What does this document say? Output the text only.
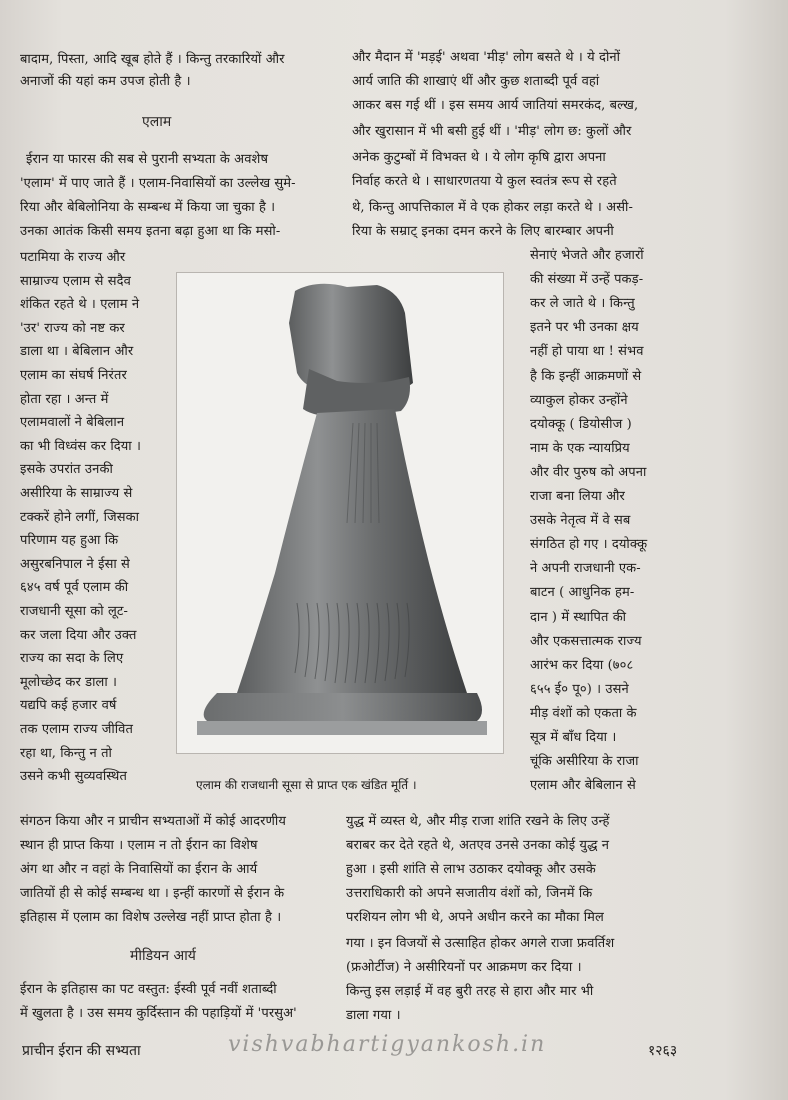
बादाम, पिस्ता, आदि खूब होते हैं । किन्तु तरकारियों और
अनाजों की यहां कम उपज होती है ।
एलाम
ईरान या फारस की सब से पुरानी सभ्यता के अवशेष
'एलाम' में पाए जाते हैं । एलाम-निवासियों का उल्लेख सुमे-
रिया और बेबिलोनिया के सम्बन्ध में किया जा चुका है ।
उनका आतंक किसी समय इतना बढ़ा हुआ था कि मसो-
पटामिया के राज्य और
साम्राज्य एलाम से सदैव
शंकित रहते थे । एलाम ने
'उर' राज्य को नष्ट कर
डाला था । बेबिलान और
एलाम का संघर्ष निरंतर
होता रहा । अन्त में
एलामवालों ने बेबिलान
का भी विध्वंस कर दिया ।
इसके उपरांत उनकी
असीरिया के साम्राज्य से
टक्करें होने लगीं, जिसका
परिणाम यह हुआ कि
असुरबनिपाल ने ईसा से
६४५ वर्ष पूर्व एलाम की
राजधानी सूसा को लूट-
कर जला दिया और उक्त
राज्य का सदा के लिए
मूलोच्छेद कर डाला ।
यद्यपि कई हजार वर्ष
तक एलाम राज्य जीवित
रहा था, किन्तु न तो
उसने कभी सुव्यवस्थित
संगठन किया और न प्राचीन सभ्यताओं में कोई आदरणीय
स्थान ही प्राप्त किया । एलाम न तो ईरान का विशेष
अंग था और न वहां के निवासियों का ईरान के आर्य
जातियों ही से कोई सम्बन्ध था । इन्हीं कारणों से ईरान के
इतिहास में एलाम का विशेष उल्लेख नहीं प्राप्त होता है ।
मीडियन आर्य
ईरान के इतिहास का पट वस्तुत: ईस्वी पूर्व नवीं शताब्दी
में खुलता है । उस समय कुर्दिस्तान की पहाड़ियों में 'परसुअ'
और मैदान में 'मड़ई' अथवा 'मीड़' लोग बसते थे । ये दोनों
आर्य जाति की शाखाएं थीं और कुछ शताब्दी पूर्व वहां
आकर बस गई थीं । इस समय आर्य जातियां समरकंद, बल्ख,
और खुरासान में भी बसी हुई थीं । 'मीड़' लोग छ: कुलों और
अनेक कुटुम्बों में विभक्त थे । ये लोग कृषि द्वारा अपना
निर्वाह करते थे । साधारणतया ये कुल स्वतंत्र रूप से रहते
थे, किन्तु आपत्तिकाल में वे एक होकर लड़ा करते थे । असी-
रिया के सम्राट् इनका दमन करने के लिए बारम्बार अपनी
सेनाएं भेजते और हजारों
की संख्या में उन्हें पकड़-
कर ले जाते थे । किन्तु
इतने पर भी उनका क्षय
नहीं हो पाया था ! संभव
है कि इन्हीं आक्रमणों से
व्याकुल होकर उन्होंने
दयोक्कू ( डियोसीज )
नाम के एक न्यायप्रिय
और वीर पुरुष को अपना
राजा बना लिया और
उसके नेतृत्व में वे सब
संगठित हो गए । दयोक्कू
ने अपनी राजधानी एक-
बाटन ( आधुनिक हम-
दान ) में स्थापित की
और एकसत्तात्मक राज्य
आरंभ कर दिया (७०८
६५५ ई० पू०) । उसने
मीड़ वंशों को एकता के
सूत्र में बाँध दिया ।
चूंकि असीरिया के राजा
एलाम और बेबिलान से
युद्ध में व्यस्त थे, और मीड़ राजा शांति रखने के लिए उन्हें
बराबर कर देते रहते थे, अतएव उनसे उनका कोई युद्ध न
हुआ । इसी शांति से लाभ उठाकर दयोक्कू और उसके
उत्तराधिकारी को अपने सजातीय वंशों को, जिनमें कि
परशियन लोग भी थे, अपने अधीन करने का मौका मिल
गया । इन विजयों से उत्साहित होकर अगले राजा फ्रवर्तिश
(फ्रओर्टीज) ने असीरियनों पर आक्रमण कर दिया ।
किन्तु इस लड़ाई में वह बुरी तरह से हारा और मार भी
डाला गया ।
एलाम की राजधानी सूसा से प्राप्त एक खंडित मूर्ति ।
प्राचीन ईरान की सभ्यता	vishvabhartigyankosh.in	१२६३
